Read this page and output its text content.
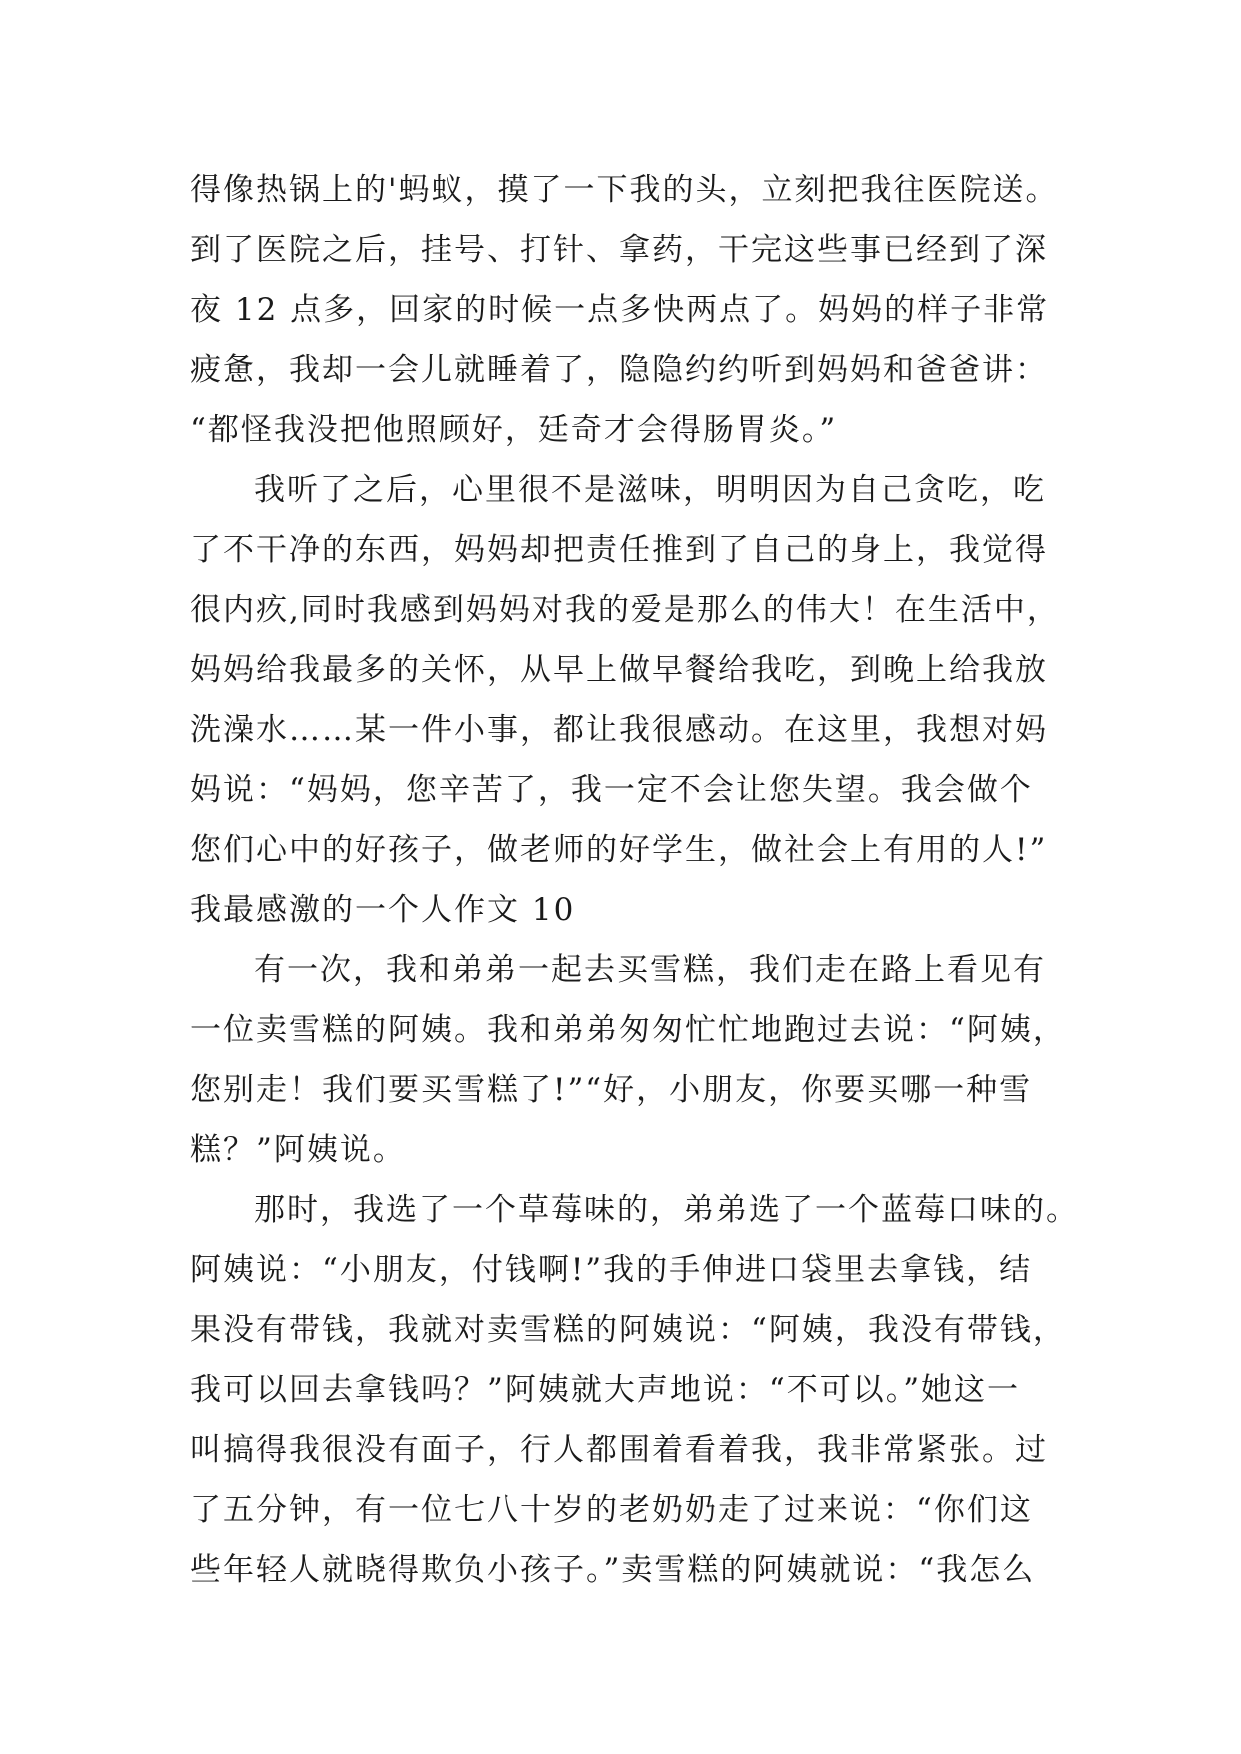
得像热锅上的'蚂蚁，摸了一下我的头，立刻把我往医院送。
到了医院之后，挂号、打针、拿药，干完这些事已经到了深
夜 12 点多，回家的时候一点多快两点了。妈妈的样子非常
疲惫，我却一会儿就睡着了，隐隐约约听到妈妈和爸爸讲：
“都怪我没把他照顾好，廷奇才会得肠胃炎。”
我听了之后，心里很不是滋味，明明因为自己贪吃，吃
了不干净的东西，妈妈却把责任推到了自己的身上，我觉得
很内疚,同时我感到妈妈对我的爱是那么的伟大！在生活中，
妈妈给我最多的关怀，从早上做早餐给我吃，到晚上给我放
洗澡水……某一件小事，都让我很感动。在这里，我想对妈
妈说：“妈妈，您辛苦了，我一定不会让您失望。我会做个
您们心中的好孩子，做老师的好学生，做社会上有用的人!”
我最感激的一个人作文 10
有一次，我和弟弟一起去买雪糕，我们走在路上看见有
一位卖雪糕的阿姨。我和弟弟匆匆忙忙地跑过去说：“阿姨，
您别走！我们要买雪糕了!”“好，小朋友，你要买哪一种雪
糕？”阿姨说。
那时，我选了一个草莓味的，弟弟选了一个蓝莓口味的。
阿姨说：“小朋友，付钱啊!”我的手伸进口袋里去拿钱，结
果没有带钱，我就对卖雪糕的阿姨说：“阿姨，我没有带钱，
我可以回去拿钱吗？”阿姨就大声地说：“不可以。”她这一
叫搞得我很没有面子，行人都围着看着我，我非常紧张。过
了五分钟，有一位七八十岁的老奶奶走了过来说：“你们这
些年轻人就晓得欺负小孩子。”卖雪糕的阿姨就说：“我怎么
